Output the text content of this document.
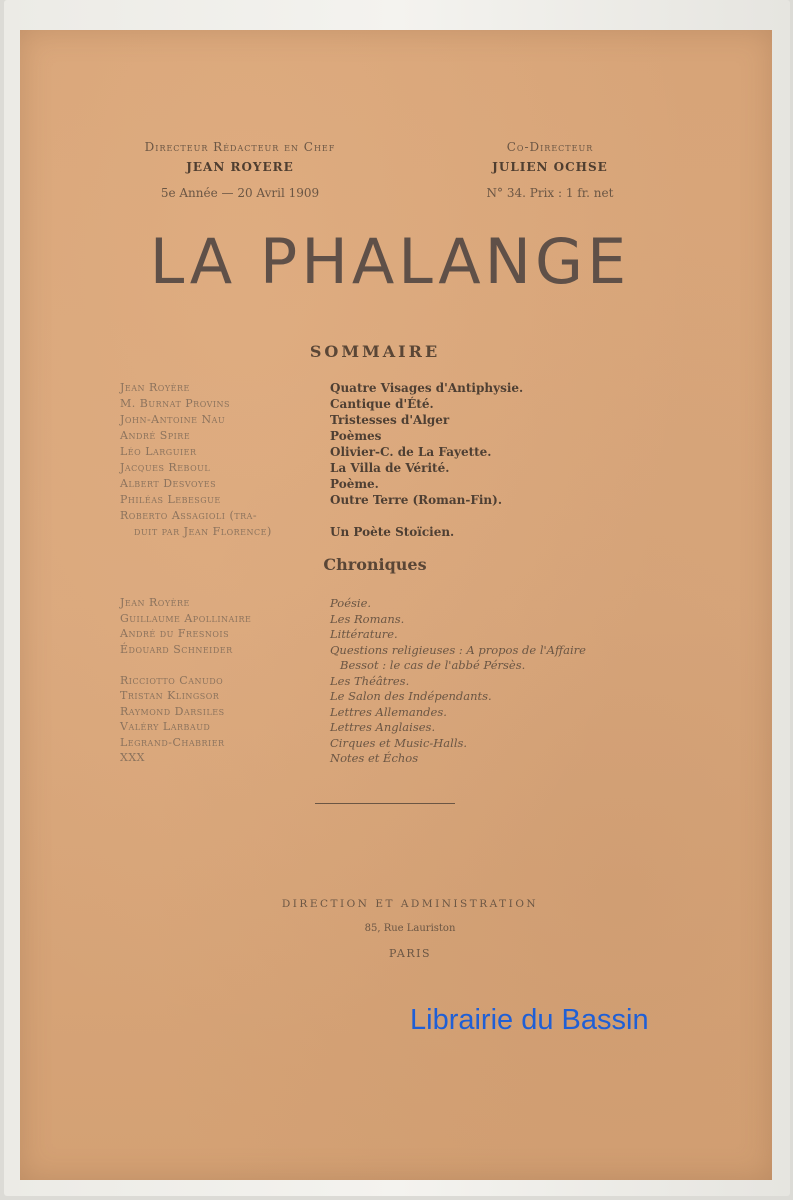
Directeur Rédacteur en Chef
JEAN ROYERE
5e Année — 20 Avril 1909
Co-Directeur
JULIEN OCHSE
N° 34. Prix : 1 fr. net
LA PHALANGE
SOMMAIRE
Jean Royère	Quatre Visages d'Antiphysie.
M. Burnat Provins	Cantique d'Été.
John-Antoine Nau	Tristesses d'Alger
André Spire	Poèmes
Léo Larguier	Olivier-C. de La Fayette.
Jacques Reboul	La Villa de Vérité.
Albert Desvoyes	Poème.
Philéas Lebesgue	Outre Terre (Roman-Fin).
Roberto Assagioli (tra-
duit par Jean Florence)	Un Poète Stoïcien.
Chroniques
Jean Royère	Poésie.
Guillaume Apollinaire	Les Romans.
André du Fresnois	Littérature.
Édouard Schneider	Questions religieuses : A propos de l'Affaire
Bessot : le cas de l'abbé Pérsès.
Ricciotto Canudo	Les Théâtres.
Tristan Klingsor	Le Salon des Indépendants.
Raymond Darsiles	Lettres Allemandes.
Valéry Larbaud	Lettres Anglaises.
Legrand-Chabrier	Cirques et Music-Halls.
XXX	Notes et Échos
DIRECTION ET ADMINISTRATION
85, Rue Lauriston
PARIS
Librairie du Bassin
